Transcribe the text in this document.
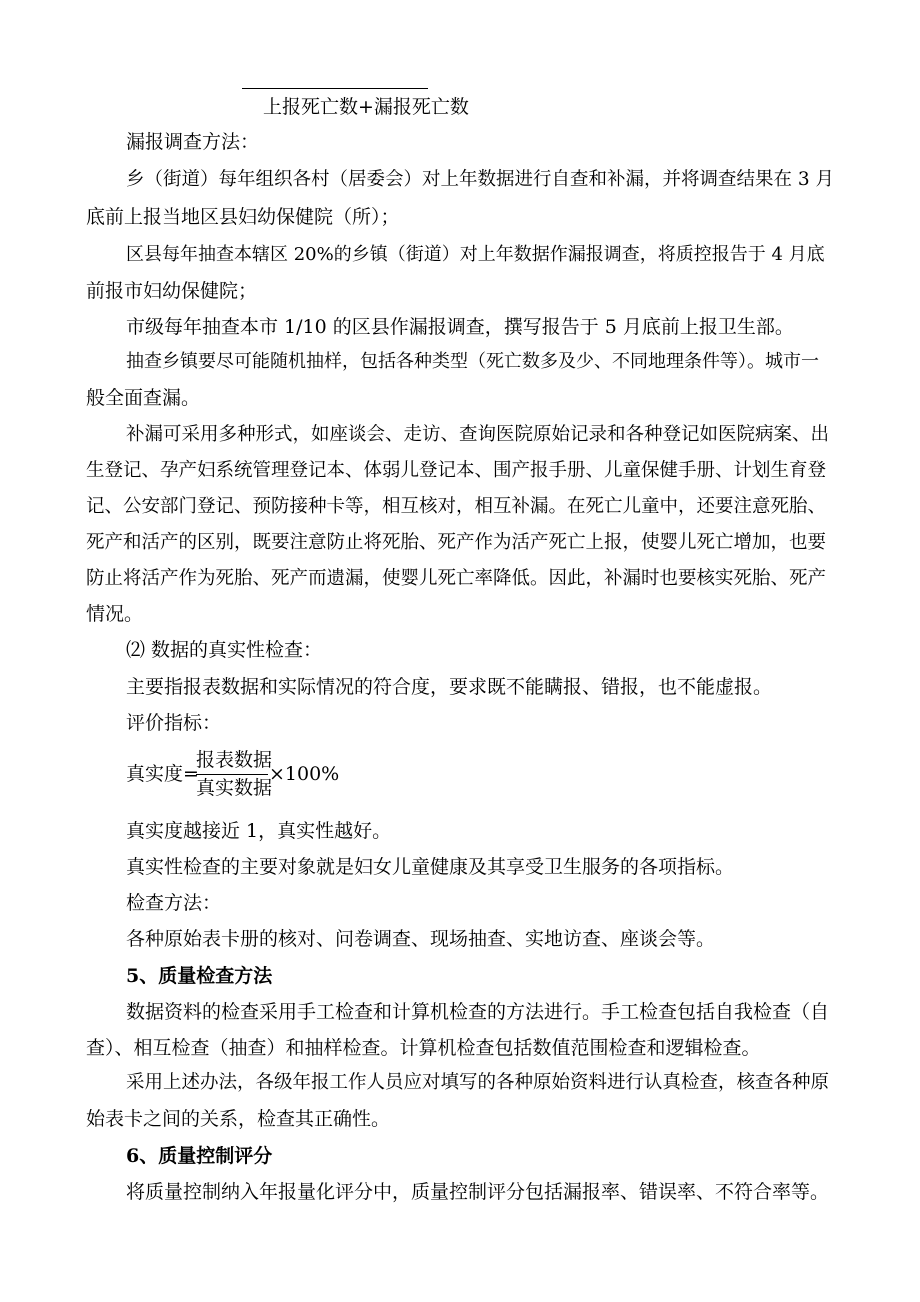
上报死亡数+漏报死亡数
漏报调查方法：
乡（街道）每年组织各村（居委会）对上年数据进行自查和补漏，并将调查结果在 3 月
底前上报当地区县妇幼保健院（所）；
区县每年抽查本辖区 20%的乡镇（街道）对上年数据作漏报调查，将质控报告于 4 月底
前报市妇幼保健院；
市级每年抽查本市 1/10 的区县作漏报调查，撰写报告于 5 月底前上报卫生部。
抽查乡镇要尽可能随机抽样，包括各种类型（死亡数多及少、不同地理条件等）。城市一
般全面查漏。
补漏可采用多种形式，如座谈会、走访、查询医院原始记录和各种登记如医院病案、出
生登记、孕产妇系统管理登记本、体弱儿登记本、围产报手册、儿童保健手册、计划生育登
记、公安部门登记、预防接种卡等，相互核对，相互补漏。在死亡儿童中，还要注意死胎、
死产和活产的区别，既要注意防止将死胎、死产作为活产死亡上报，使婴儿死亡增加，也要
防止将活产作为死胎、死产而遗漏，使婴儿死亡率降低。因此，补漏时也要核实死胎、死产
情况。
⑵ 数据的真实性检查：
主要指报表数据和实际情况的符合度，要求既不能瞒报、错报，也不能虚报。
评价指标：
真实度=
报表数据
真实数据
×100%
真实度越接近 1，真实性越好。
真实性检查的主要对象就是妇女儿童健康及其享受卫生服务的各项指标。
检查方法：
各种原始表卡册的核对、问卷调查、现场抽查、实地访查、座谈会等。
5、质量检查方法
数据资料的检查采用手工检查和计算机检查的方法进行。手工检查包括自我检查（自
查）、相互检查（抽查）和抽样检查。计算机检查包括数值范围检查和逻辑检查。
采用上述办法，各级年报工作人员应对填写的各种原始资料进行认真检查，核查各种原
始表卡之间的关系，检查其正确性。
6、质量控制评分
将质量控制纳入年报量化评分中，质量控制评分包括漏报率、错误率、不符合率等。
